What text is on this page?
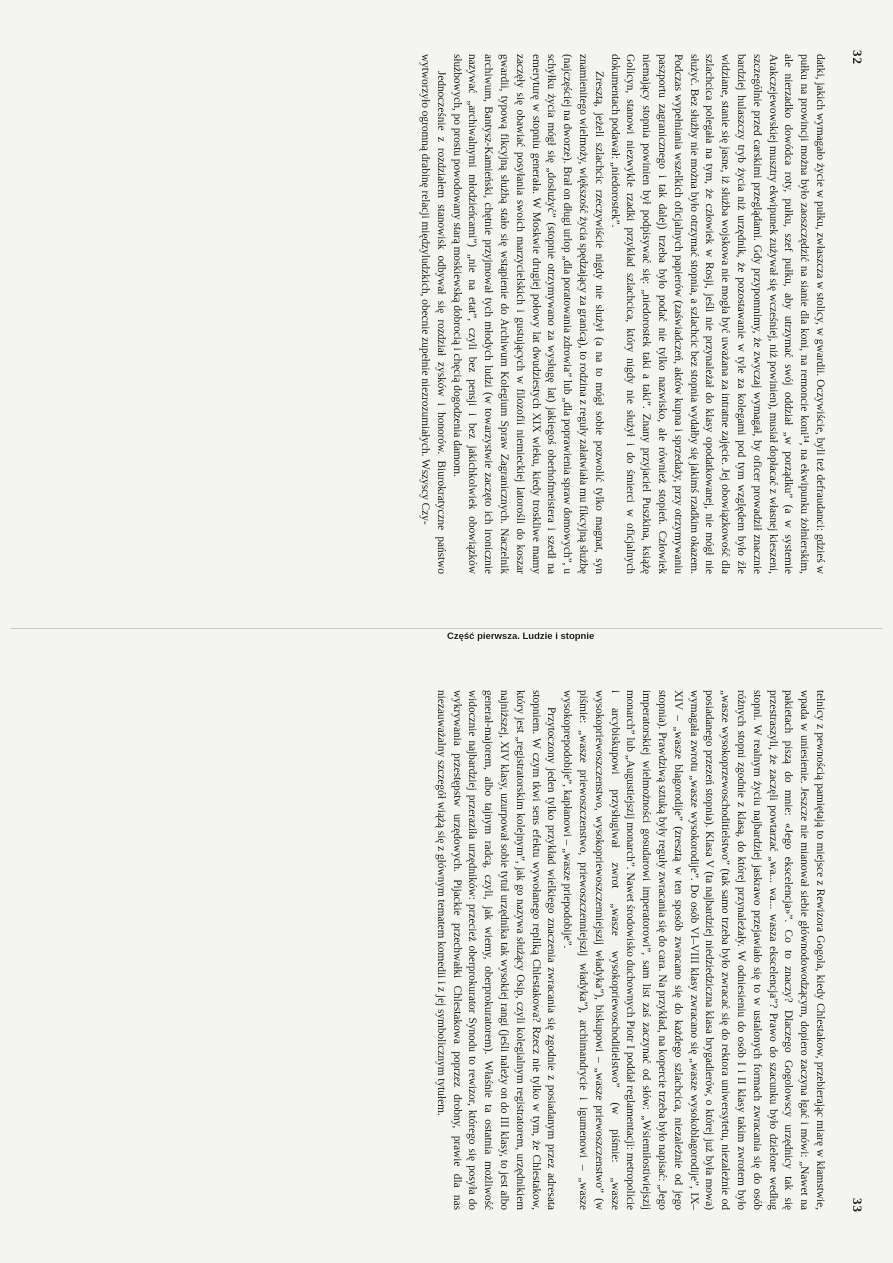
32
33

datki, jakich wymagało życie w pułku, zwłaszcza w stolicy, w gwardii. Oczywiście, byli też defraudanci: gdzieś w pułku na prowincji można było zaoszczędzić na sianie dla koni, na remoncie koni¹⁴, na ekwipunku żołnierskim, ale nierzadko dowódca roty, pułku, szef pułku, aby utrzymać swój oddział „w porządku” (a w systemie Arakczejewowskiej musztry ekwipunek zużywał się wcześniej, niż powinien), musiał dopłacać z własnej kieszeni, szczególnie przed carskimi przeglądami. Gdy przypomnimy, że zwyczaj wymagał, by oficer prowadził znacznie bardziej hulaszczy tryb życia niż urzędnik, że pozostawanie w tyle za kolegami pod tym względem było źle widziane, stanie się jasne, iż służba wojskowa nie mogła być uważana za intratne zajęcie. Jej obowiązkowość dla szlachcica polegała na tym, że człowiek w Rosji, jeśli nie przynależał do klasy opodatkowanej, nie mógł nie służyć. Bez służby nie można było otrzymać stopnia, a szlachcic bez stopnia wydałby się jakimś rzadkim okazem. Podczas wypełniania wszelkich oficjalnych papierów (zaświadczeń, aktów kupna i sprzedaży, przy otrzymywaniu paszportu zagranicznego i tak dalej) trzeba było podać nie tylko nazwisko, ale również stopień. Człowiek niemający stopnia powinien był podpisywać się: „niedorostek taki a taki”. Znany przyjaciel Puszkina, książę Golicyn, stanowi niezwykle rzadki przykład szlachcica, który nigdy nie służył i do śmierci w oficjalnych dokumentach podawał: „niedorostek”.

Zresztą, jeżeli szlachcic rzeczywiście nigdy nie służył (a na to mógł sobie pozwolić tylko magnat, syn znamienitego wielmoży, większość życia spędzający za granicą), to rodzina z reguły załatwiała mu fikcyjną służbę (najczęściej na dworze). Brał on długi urlop „dla poratowania zdrowia” lub „dla poprawienia spraw domowych”, u schyłku życia mógł się „dosłużyć” (stopnie otrzymywano za wysługę lat) jakiegoś oberhofmeistera i szedł na emeryturę w stopniu generała. W Moskwie drugiej połowy lat dwudziestych XIX wieku, kiedy troskliwe mamy zaczęły się obawiać posyłania swoich marzycielskich i gustujących w filozofii niemieckiej latorośli do koszar gwardii, typową fikcyjną służbą stało się wstąpienie do Archiwum Kolegium Spraw Zagranicznych. Naczelnik archiwum, Bantysz-Kamieński, chętnie przyjmował tych młodych ludzi (w towarzystwie zaczęto ich ironicznie nazywać „archiwalnymi młodzieńcami”) „nie na etat”, czyli bez pensji i bez jakichkolwiek obowiązków służbowych, po prostu powodowany starą moskiewską dobrocią i chęcią dogodzenia damom.

Jednocześnie z rozdziałem stanowisk odbywał się rozdział zysków i honorów. Biurokratyczne państwo wytworzyło ogromną drabinę relacji międzyludzkich, obecnie zupełnie niezrozumiałych. Wszyscy Czy-

Część pierwsza. Ludzie i stopnie

telnicy z pewnością pamiętają to miejsce z Rewizora Gogola, kiedy Chlestakow, przebierając miarę w kłamstwie, wpada w uniesienie. Jeszcze nie mianował siebie głównodowodzącym, dopiero zaczyna łgać i mówi: „Nawet na pakietach piszą do mnie: «Jego ekscelencja»”. Co to znaczy? Dlaczego Gogolowscy urzędnicy tak się przestraszyli, że zaczęli powtarzać „wa... wa... wasza ekscelencja”? Prawo do szacunku było dzielone według stopni. W realnym życiu najbardziej jaskrawo przejawiało się to w ustalonych formach zwracania się do osób różnych stopni zgodnie z klasą, do której przynależały. W odniesieniu do osób I i II klasy takim zwrotem było „wasze wysokoprzewoschoditielstwo” (tak samo trzeba było zwracać się do rektora uniwersytetu, niezależnie od posiadanego przezeń stopnia). Klasa V (ta najbardziej niedziedziczna klasa brygadierów, o której już była mowa) wymagała zwrotu „wasze wysokorodije”. Do osób VI–VIII klasy zwracano się „wasze wysokoblagorodije”, IX–XIV – „wasze blagorodije” (zresztą w ten sposób zwracano się do każdego szlachcica, niezależnie od jego stopnia). Prawdziwą sztuką były reguły zwracania się do cara. Na przykład, na kopercie trzeba było napisać: „Jego imperatorskiej wielmożności gosudarowi imperatorowi”, sam list zaś zaczynać od słów: „Wsiemiłostiwiejszij monarch” lub „Augustiejszij monarch”. Nawet środowisko duchownych Piotr I poddał reglamentacji: metropolicie i arcybiskupowi przysługiwał zwrot „wasze wysokopriewoschoditielstwo” (w piśmie: „wasze wysokopriewoszczenstwo, wysokopriewoszczenniejszij władyka”), biskupowi – „wasze priewoszczenstwo” (w piśmie: „wasze priewoszczenstwo, priewoszczenniejszij władyka”), archimandrycie i igumenowi – „wasze wysokoprepodobije”, kapłanowi – „wasze priepodobije”.

Przytoczony jeden tylko przykład wielkiego znaczenia zwracania się zgodnie z posiadanym przez adresata stopniem. W czym tkwi sens efektu wywołanego repliką Chlestakowa? Rzecz nie tylko w tym, że Chlestakow, który jest „registratorskim kolejnym”, jak go nazywa służący Osip, czyli kolegialnym registratorem, urzędnikiem najniższej, XIV klasy, uzurpował sobie tytuł urzędnika tak wysokiej rangi (jeśli należy on do III klasy, to jest albo generał-majorem, albo tajnym radcą, czyli, jak wiemy, oberprokuratorem). Właśnie ta ostatnia możliwość widocznie najbardziej przeraziła urzędników: przecież oberprokurator Synodu to rewizor, którego się posyła do wykrywania przestępstw urzędowych. Pijackie przechwałki Chlestakowa poprzez drobny, prawie dla nas niezauważalny szczegół wiążą się z głównym tematem komedii i z jej symbolicznym tytułem.
